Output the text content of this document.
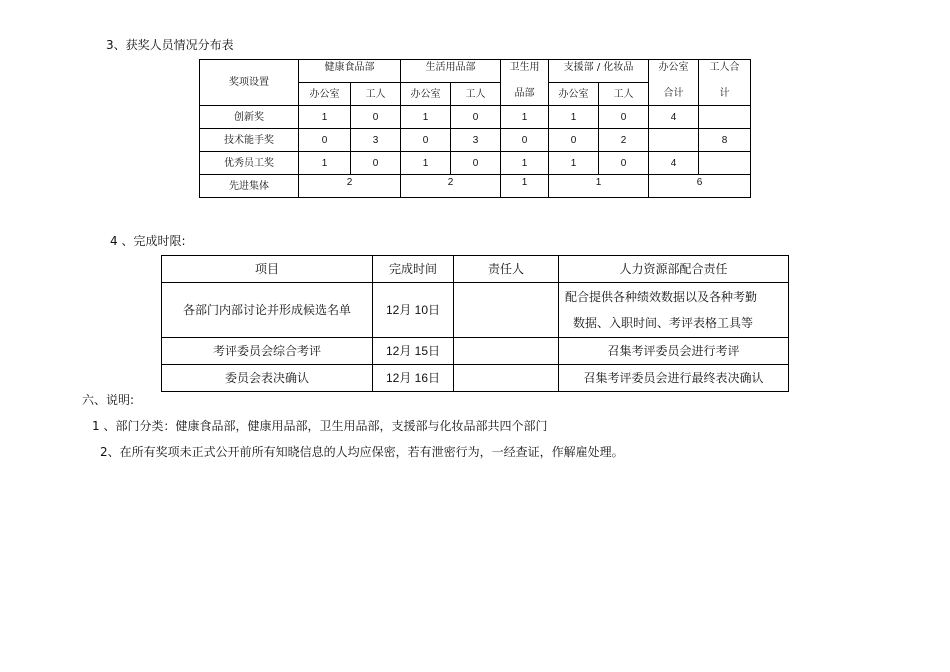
3、获奖人员情况分布表
奖项设置	健康食品部		生活用品部		卫生用	支援部 / 化妆品		办公室	工人合
	办公室	工人	办公室	工人	品部	办公室	工人	合计	计
创新奖	1	0	1	0	1	1	0	4	
技术能手奖	0	3	0	3	0	0	2		8
优秀员工奖	1	0	1	0	1	1	0	4	
先进集体	2		2		1	1		6	
4 、完成时限:
项目	完成时间	责任人	人力资源部配合责任
各部门内部讨论并形成候选名单	12月 10日		配合提供各种绩效数据以及各种考勤
数据、入职时间、考评表格工具等

考评委员会综合考评	12月 15日		召集考评委员会进行考评
委员会表决确认	12月 16日		召集考评委员会进行最终表决确认
六、说明:
1 、部门分类：健康食品部，健康用品部，卫生用品部，支援部与化妆品部共四个部门
2、在所有奖项未正式公开前所有知晓信息的人均应保密，若有泄密行为，一经查证，作解雇处理。
